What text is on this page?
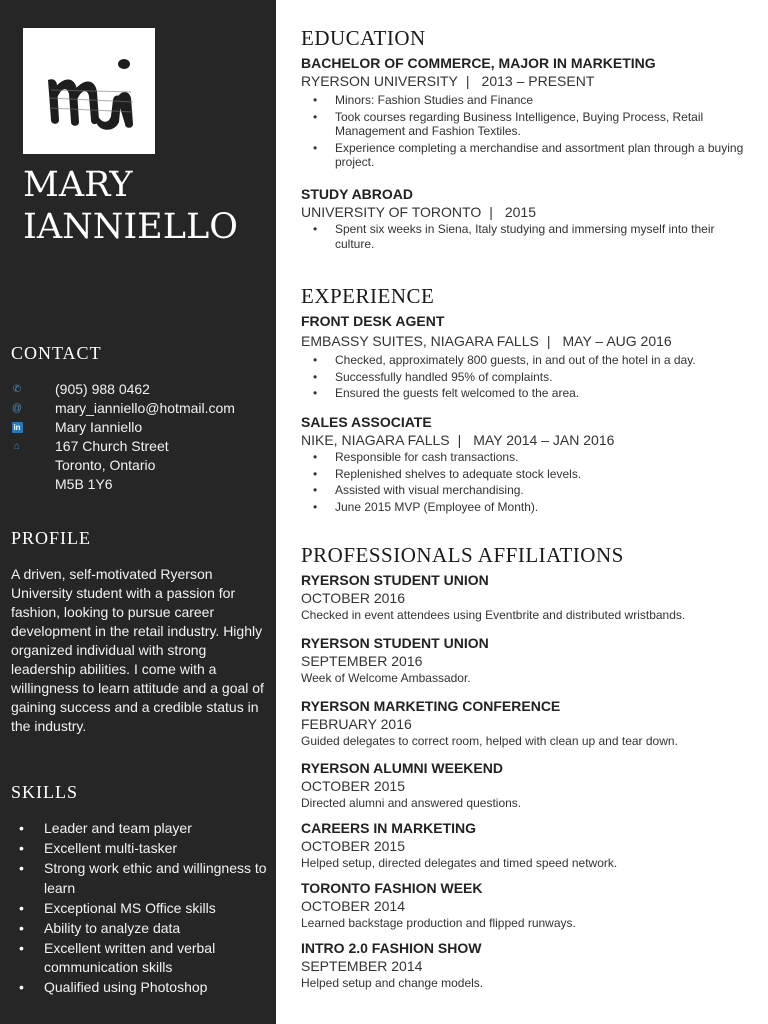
MARY
IANNIELLO
CONTACT
✆ (905) 988 0462
@ mary_ianniello@hotmail.com
in Mary Ianniello
⌂ 167 Church Street
Toronto, Ontario
M5B 1Y6
PROFILE
A driven, self-motivated Ryerson University student with a passion for fashion, looking to pursue career development in the retail industry. Highly organized individual with strong leadership abilities. I come with a willingness to learn attitude and a goal of gaining success and a credible status in the industry.
SKILLS
• Leader and team player
• Excellent multi-tasker
• Strong work ethic and willingness to learn
• Exceptional MS Office skills
• Ability to analyze data
• Excellent written and verbal communication skills
• Qualified using Photoshop
EDUCATION
BACHELOR OF COMMERCE, MAJOR IN MARKETING
RYERSON UNIVERSITY | 2013 – PRESENT
• Minors: Fashion Studies and Finance
• Took courses regarding Business Intelligence, Buying Process, Retail Management and Fashion Textiles.
• Experience completing a merchandise and assortment plan through a buying project.
STUDY ABROAD
UNIVERSITY OF TORONTO | 2015
• Spent six weeks in Siena, Italy studying and immersing myself into their culture.
EXPERIENCE
FRONT DESK AGENT
EMBASSY SUITES, NIAGARA FALLS | MAY – AUG 2016
• Checked, approximately 800 guests, in and out of the hotel in a day.
• Successfully handled 95% of complaints.
• Ensured the guests felt welcomed to the area.
SALES ASSOCIATE
NIKE, NIAGARA FALLS | MAY 2014 – JAN 2016
• Responsible for cash transactions.
• Replenished shelves to adequate stock levels.
• Assisted with visual merchandising.
• June 2015 MVP (Employee of Month).
PROFESSIONALS AFFILIATIONS
RYERSON STUDENT UNION
OCTOBER 2016
Checked in event attendees using Eventbrite and distributed wristbands.
RYERSON STUDENT UNION
SEPTEMBER 2016
Week of Welcome Ambassador.
RYERSON MARKETING CONFERENCE
FEBRUARY 2016
Guided delegates to correct room, helped with clean up and tear down.
RYERSON ALUMNI WEEKEND
OCTOBER 2015
Directed alumni and answered questions.
CAREERS IN MARKETING
OCTOBER 2015
Helped setup, directed delegates and timed speed network.
TORONTO FASHION WEEK
OCTOBER 2014
Learned backstage production and flipped runways.
INTRO 2.0 FASHION SHOW
SEPTEMBER 2014
Helped setup and change models.
